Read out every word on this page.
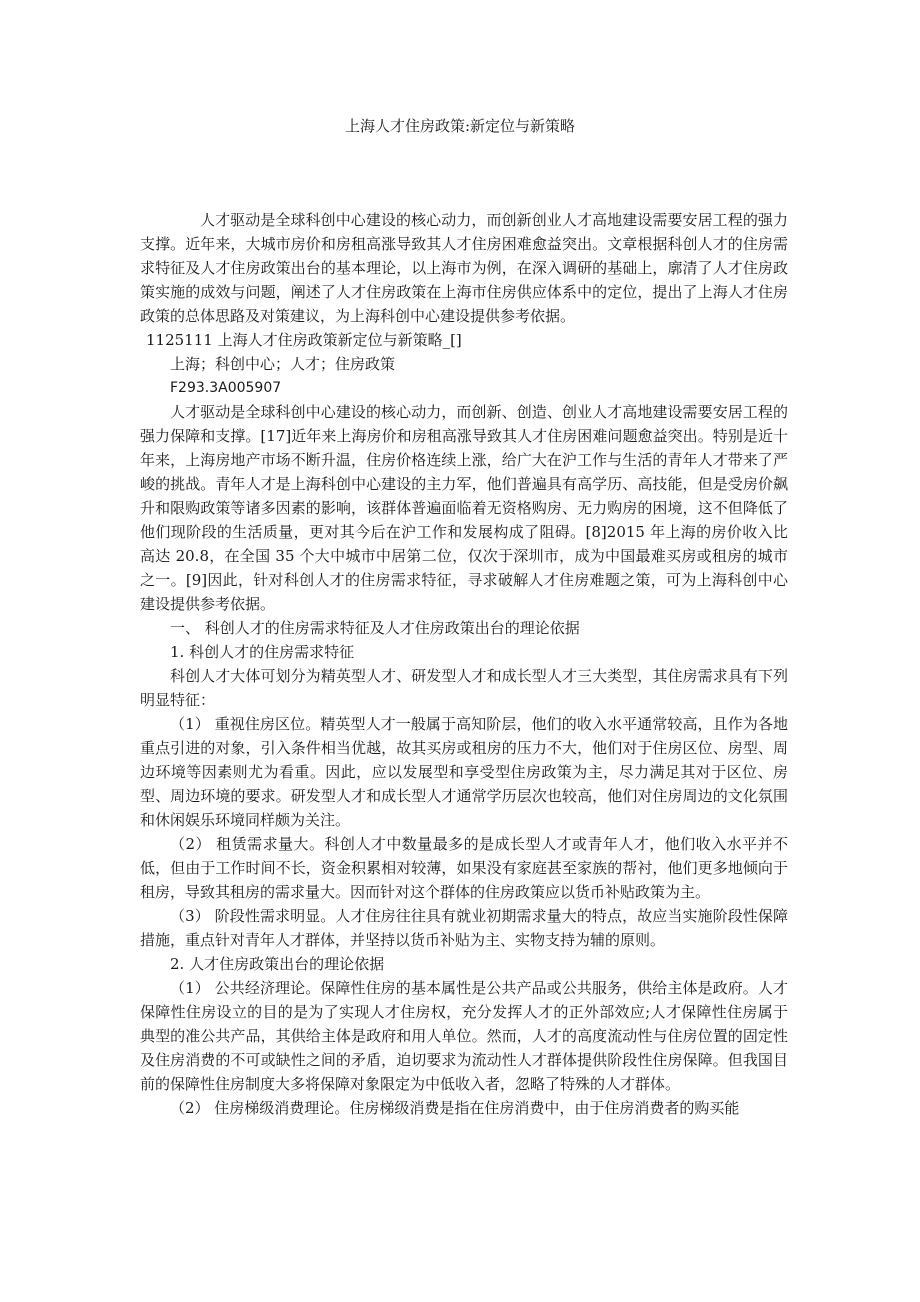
上海人才住房政策:新定位与新策略

人才驱动是全球科创中心建设的核心动力，而创新创业人才高地建设需要安居工程的强力支撑。近年来，大城市房价和房租高涨导致其人才住房困难愈益突出。文章根据科创人才的住房需求特征及人才住房政策出台的基本理论，以上海市为例，在深入调研的基础上，廓清了人才住房政策实施的成效与问题，阐述了人才住房政策在上海市住房供应体系中的定位，提出了上海人才住房政策的总体思路及对策建议，为上海科创中心建设提供参考依据。

1125111 上海人才住房政策新定位与新策略_[]

上海；科创中心；人才；住房政策

F293.3A005907

人才驱动是全球科创中心建设的核心动力，而创新、创造、创业人才高地建设需要安居工程的强力保障和支撑。[17]近年来上海房价和房租高涨导致其人才住房困难问题愈益突出。特别是近十年来，上海房地产市场不断升温，住房价格连续上涨，给广大在沪工作与生活的青年人才带来了严峻的挑战。青年人才是上海科创中心建设的主力军，他们普遍具有高学历、高技能，但是受房价飙升和限购政策等诸多因素的影响，该群体普遍面临着无资格购房、无力购房的困境，这不但降低了他们现阶段的生活质量，更对其今后在沪工作和发展构成了阻碍。[8]2015 年上海的房价收入比高达 20.8，在全国 35 个大中城市中居第二位，仅次于深圳市，成为中国最难买房或租房的城市之一。[9]因此，针对科创人才的住房需求特征，寻求破解人才住房难题之策，可为上海科创中心建设提供参考依据。

一、 科创人才的住房需求特征及人才住房政策出台的理论依据

1. 科创人才的住房需求特征

科创人才大体可划分为精英型人才、研发型人才和成长型人才三大类型，其住房需求具有下列明显特征：

（1） 重视住房区位。精英型人才一般属于高知阶层，他们的收入水平通常较高，且作为各地重点引进的对象，引入条件相当优越，故其买房或租房的压力不大，他们对于住房区位、房型、周边环境等因素则尤为看重。因此，应以发展型和享受型住房政策为主，尽力满足其对于区位、房型、周边环境的要求。研发型人才和成长型人才通常学历层次也较高，他们对住房周边的文化氛围和休闲娱乐环境同样颇为关注。

（2） 租赁需求量大。科创人才中数量最多的是成长型人才或青年人才，他们收入水平并不低，但由于工作时间不长，资金积累相对较薄，如果没有家庭甚至家族的帮衬，他们更多地倾向于租房，导致其租房的需求量大。因而针对这个群体的住房政策应以货币补贴政策为主。

（3） 阶段性需求明显。人才住房往往具有就业初期需求量大的特点，故应当实施阶段性保障措施，重点针对青年人才群体，并坚持以货币补贴为主、实物支持为辅的原则。

2. 人才住房政策出台的理论依据

（1） 公共经济理论。保障性住房的基本属性是公共产品或公共服务，供给主体是政府。人才保障性住房设立的目的是为了实现人才住房权，充分发挥人才的正外部效应;人才保障性住房属于典型的准公共产品，其供给主体是政府和用人单位。然而，人才的高度流动性与住房位置的固定性及住房消费的不可或缺性之间的矛盾，迫切要求为流动性人才群体提供阶段性住房保障。但我国目前的保障性住房制度大多将保障对象限定为中低收入者，忽略了特殊的人才群体。

（2） 住房梯级消费理论。住房梯级消费是指在住房消费中，由于住房消费者的购买能
